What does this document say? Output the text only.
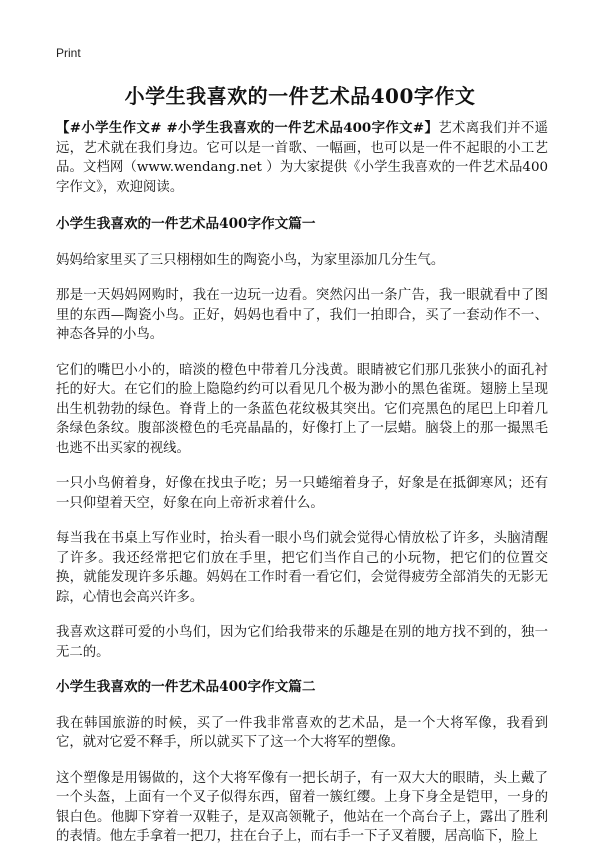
Print
小学生我喜欢的一件艺术品400字作文

【#小学生作文# #小学生我喜欢的一件艺术品400字作文#】艺术离我们并不遥远，艺术就在我们身边。它可以是一首歌、一幅画，也可以是一件不起眼的小工艺品。文档网（www.wendang.net ）为大家提供《小学生我喜欢的一件艺术品400字作文》，欢迎阅读。

小学生我喜欢的一件艺术品400字作文篇一

妈妈给家里买了三只栩栩如生的陶瓷小鸟，为家里添加几分生气。

那是一天妈妈网购时，我在一边玩一边看。突然闪出一条广告，我一眼就看中了图里的东西—陶瓷小鸟。正好，妈妈也看中了，我们一拍即合，买了一套动作不一、神态各异的小鸟。

它们的嘴巴小小的，暗淡的橙色中带着几分浅黄。眼睛被它们那几张狭小的面孔衬托的好大。在它们的脸上隐隐约约可以看见几个极为渺小的黑色雀斑。翅膀上呈现出生机勃勃的绿色。脊背上的一条蓝色花纹极其突出。它们亮黑色的尾巴上印着几条绿色条纹。腹部淡橙色的毛亮晶晶的，好像打上了一层蜡。脑袋上的那一撮黑毛也逃不出买家的视线。

一只小鸟俯着身，好像在找虫子吃；另一只蜷缩着身子，好象是在抵御寒风；还有一只仰望着天空，好象在向上帝祈求着什么。

每当我在书桌上写作业时，抬头看一眼小鸟们就会觉得心情放松了许多，头脑清醒了许多。我还经常把它们放在手里，把它们当作自己的小玩物，把它们的位置交换，就能发现许多乐趣。妈妈在工作时看一看它们，会觉得疲劳全部消失的无影无踪，心情也会高兴许多。

我喜欢这群可爱的小鸟们，因为它们给我带来的乐趣是在别的地方找不到的，独一无二的。

小学生我喜欢的一件艺术品400字作文篇二

我在韩国旅游的时候，买了一件我非常喜欢的艺术品，是一个大将军像，我看到它，就对它爱不释手，所以就买下了这一个大将军的塑像。

这个塑像是用锡做的，这个大将军像有一把长胡子，有一双大大的眼睛，头上戴了一个头盔，上面有一个叉子似得东西，留着一簇红缨。上身下身全是铠甲，一身的银白色。他脚下穿着一双鞋子，是双高领靴子，他站在一个高台子上，露出了胜利的表情。他左手拿着一把刀，拄在台子上，而右手一下子叉着腰，居高临下，脸上
